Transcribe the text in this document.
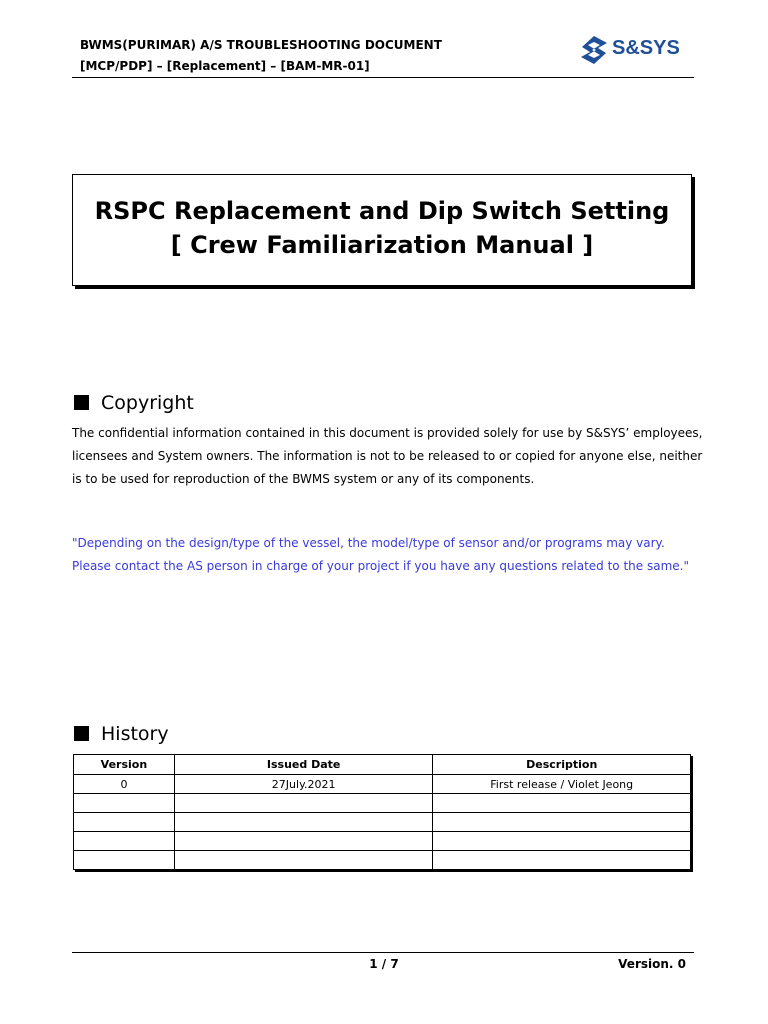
BWMS(PURIMAR) A/S TROUBLESHOOTING DOCUMENT
[MCP/PDP] – [Replacement] – [BAM-MR-01]
S&SYS
RSPC Replacement and Dip Switch Setting
[ Crew Familiarization Manual ]
Copyright
The confidential information contained in this document is provided solely for use by S&SYS’ employees,
licensees and System owners. The information is not to be released to or copied for anyone else, neither
is to be used for reproduction of the BWMS system or any of its components.
"Depending on the design/type of the vessel, the model/type of sensor and/or programs may vary.
Please contact the AS person in charge of your project if you have any questions related to the same."
History
Version	Issued Date	Description
0	27July.2021	First release / Violet Jeong

1 / 7	Version. 0
